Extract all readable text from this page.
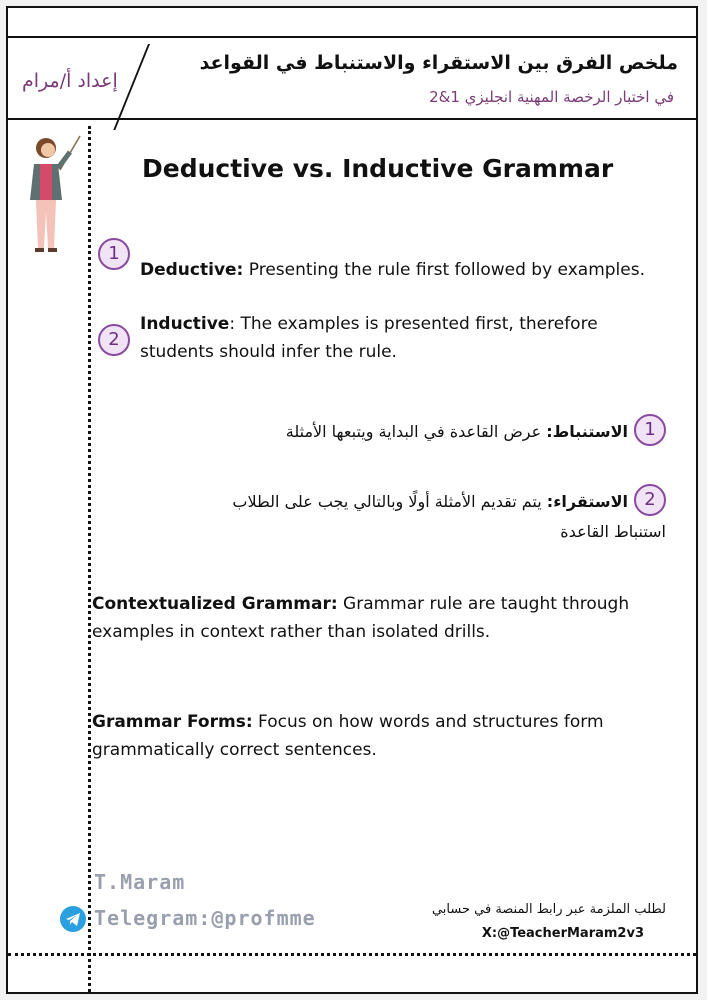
إعداد أ/مرام
ملخص الفرق بين الاستقراء والاستنباط في القواعد
في اختبار الرخصة المهنية انجليزي 1&2
Deductive vs. Inductive Grammar
1
Deductive: Presenting the rule first followed by examples.
2
Inductive: The examples is presented first, therefore
students should infer the rule.
1الاستنباط: عرض القاعدة في البداية ويتبعها الأمثلة
2الاستقراء: يتم تقديم الأمثلة أولًا وبالتالي يجب على الطلاب
استنباط القاعدة
Contextualized Grammar: Grammar rule are taught through
examples in context rather than isolated drills.
Grammar Forms: Focus on how words and structures form
grammatically correct sentences.
T.Maram
Telegram:@profmme	لطلب الملزمة عبر رابط المنصة في حسابي
X:@TeacherMaram2v3
